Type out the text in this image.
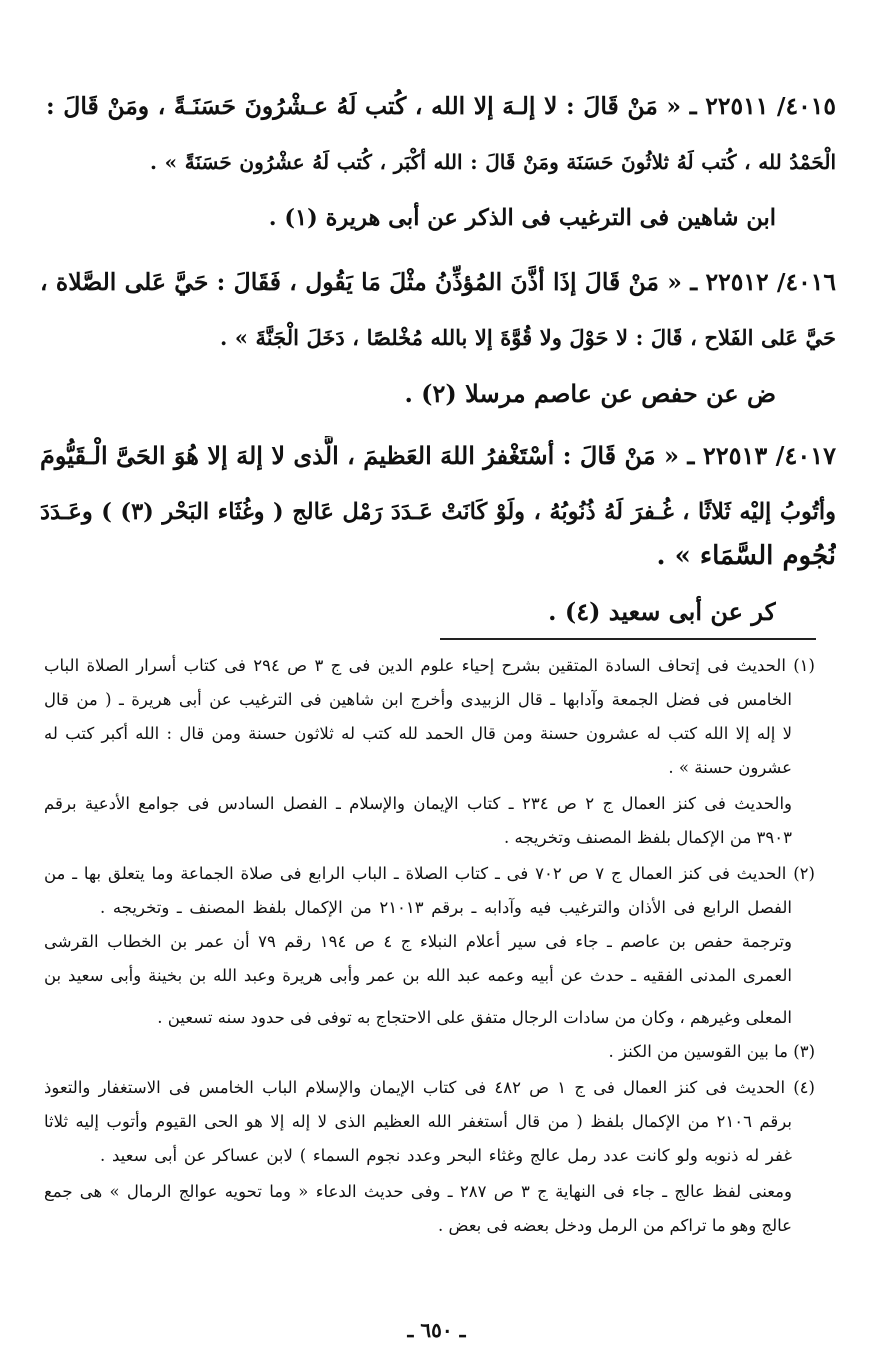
٤٠١٥/ ٢٢٥١١ ـ « مَنْ قَالَ : لا إلـهَ إلا الله ، كُتب لَهُ عـشْرُونَ حَسَنَـةً ، ومَنْ قَالَ :
الْحَمْدُ لله ، كُتب لَهُ ثلاثُونَ حَسَنَة ومَنْ قَالَ : الله أكْبَر ، كُتب لَهُ عشْرُون حَسَنَةً » .
ابن شاهين فى الترغيب فى الذكر عن أبى هريرة (١) .
٤٠١٦/ ٢٢٥١٢ ـ « مَنْ قَالَ إذَا أذَّنَ المُؤذِّنُ مثْلَ مَا يَقُول ، فَقَالَ : حَيَّ عَلى الصَّلاة ،
حَيَّ عَلى الفَلاح ، قَالَ : لا حَوْلَ ولا قُوَّةَ إلا بالله مُخْلصًا ، دَخَلَ الْجَنَّةَ » .
ض عن حفص عن عاصم مرسلا (٢) .
٤٠١٧/ ٢٢٥١٣ ـ « مَنْ قَالَ : أسْتَغْفرُ اللهَ العَظيمَ ، الَّذى لا إلهَ إلا هُوَ الحَىَّ الْـقَيُّومَ
وأتُوبُ إليْه ثَلاثًا ، غُـفرَ لَهُ ذُنُوبُهُ ، ولَوْ كَانَتْ عَـدَدَ رَمْل عَالج ( وغُثَاء البَحْر (٣) ) وعَـدَدَ
نُجُوم السَّمَاء » .
كر عن أبى سعيد (٤) .
(١) الحديث فى إتحاف السادة المتقين بشرح إحياء علوم الدين فى ج ٣ ص ٢٩٤ فى كتاب أسرار الصلاة الباب
الخامس فى فضل الجمعة وآدابها ـ قال الزبيدى وأخرج ابن شاهين فى الترغيب عن أبى هريرة ـ ( من قال
لا إله إلا الله كتب له عشرون حسنة ومن قال الحمد لله كتب له ثلاثون حسنة ومن قال : الله أكبر كتب له
عشرون حسنة » .
والحديث فى كنز العمال ج ٢ ص ٢٣٤ ـ كتاب الإيمان والإسلام ـ الفصل السادس فى جوامع الأدعية برقم
٣٩٠٣ من الإكمال بلفظ المصنف وتخريجه .
(٢) الحديث فى كنز العمال ج ٧ ص ٧٠٢ فى ـ كتاب الصلاة ـ الباب الرابع فى صلاة الجماعة وما يتعلق بها ـ من
الفصل الرابع فى الأذان والترغيب فيه وآدابه ـ برقم ٢١٠١٣ من الإكمال بلفظ المصنف ـ وتخريجه .
وترجمة حفص بن عاصم ـ جاء فى سير أعلام النبلاء ج ٤ ص ١٩٤ رقم ٧٩ أن عمر بن الخطاب القرشى
العمرى المدنى الفقيه ـ حدث عن أبيه وعمه عبد الله بن عمر وأبى هريرة وعبد الله بن بخينة وأبى سعيد بن
المعلى وغيرهم ، وكان من سادات الرجال متفق على الاحتجاج به توفى فى حدود سنه تسعين .
(٣) ما بين القوسين من الكنز .
(٤) الحديث فى كنز العمال فى ج ١ ص ٤٨٢ فى كتاب الإيمان والإسلام الباب الخامس فى الاستغفار والتعوذ
برقم ٢١٠٦ من الإكمال بلفظ ( من قال أستغفر الله العظيم الذى لا إله إلا هو الحى القيوم وأتوب إليه ثلاثا
غفر له ذنوبه ولو كانت عدد رمل عالج وغثاء البحر وعدد نجوم السماء ) لابن عساكر عن أبى سعيد .
ومعنى لفظ عالج ـ جاء فى النهاية ج ٣ ص ٢٨٧ ـ وفى حديث الدعاء « وما تحويه عوالج الرمال » هى جمع
عالج وهو ما تراكم من الرمل ودخل بعضه فى بعض .
ـ ٦٥٠ ـ
